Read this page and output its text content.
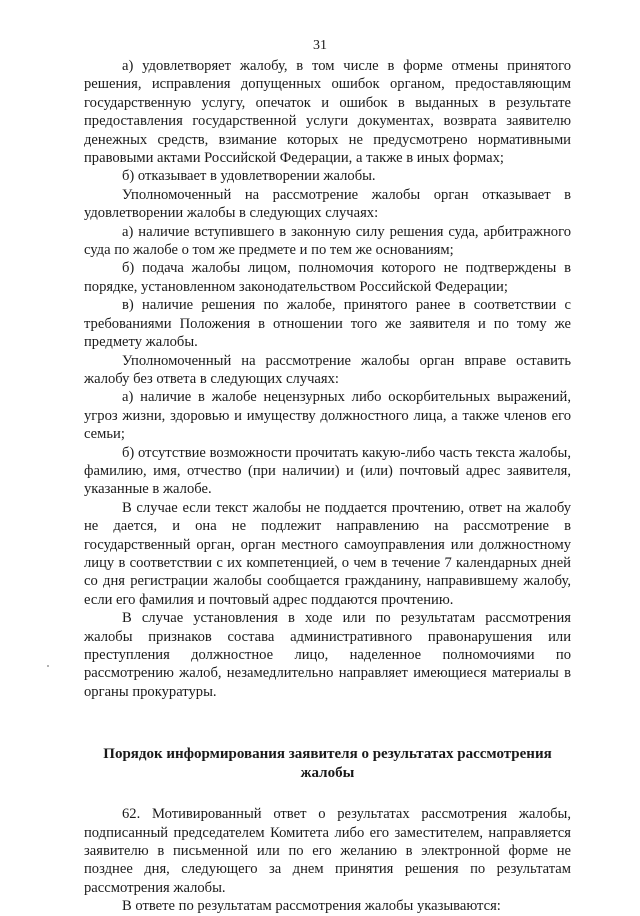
31

а) удовлетворяет жалобу, в том числе в форме отмены принятого решения, исправления допущенных ошибок органом, предоставляющим государственную услугу, опечаток и ошибок в выданных в результате предоставления государственной услуги документах, возврата заявителю денежных средств, взимание которых не предусмотрено нормативными правовыми актами Российской Федерации, а также в иных формах;

б) отказывает в удовлетворении жалобы.

Уполномоченный на рассмотрение жалобы орган отказывает в удовлетворении жалобы в следующих случаях:

а) наличие вступившего в законную силу решения суда, арбитражного суда по жалобе о том же предмете и по тем же основаниям;

б) подача жалобы лицом, полномочия которого не подтверждены в порядке, установленном законодательством Российской Федерации;

в) наличие решения по жалобе, принятого ранее в соответствии с требованиями Положения в отношении того же заявителя и по тому же предмету жалобы.

Уполномоченный на рассмотрение жалобы орган вправе оставить жалобу без ответа в следующих случаях:

а) наличие в жалобе нецензурных либо оскорбительных выражений, угроз жизни, здоровью и имуществу должностного лица, а также членов его семьи;

б) отсутствие возможности прочитать какую-либо часть текста жалобы, фамилию, имя, отчество (при наличии) и (или) почтовый адрес заявителя, указанные в жалобе.

В случае если текст жалобы не поддается прочтению, ответ на жалобу не дается, и она не подлежит направлению на рассмотрение в государственный орган, орган местного самоуправления или должностному лицу в соответствии с их компетенцией, о чем в течение 7 календарных дней со дня регистрации жалобы сообщается гражданину, направившему жалобу, если его фамилия и почтовый адрес поддаются прочтению.

В случае установления в ходе или по результатам рассмотрения жалобы признаков состава административного правонарушения или преступления должностное лицо, наделенное полномочиями по рассмотрению жалоб, незамедлительно направляет имеющиеся материалы в органы прокуратуры.

Порядок информирования заявителя о результатах рассмотрения жалобы

62. Мотивированный ответ о результатах рассмотрения жалобы, подписанный председателем Комитета либо его заместителем, направляется заявителю в письменной или по его желанию в электронной форме не позднее дня, следующего за днем принятия решения по результатам рассмотрения жалобы.

В ответе по результатам рассмотрения жалобы указываются:
